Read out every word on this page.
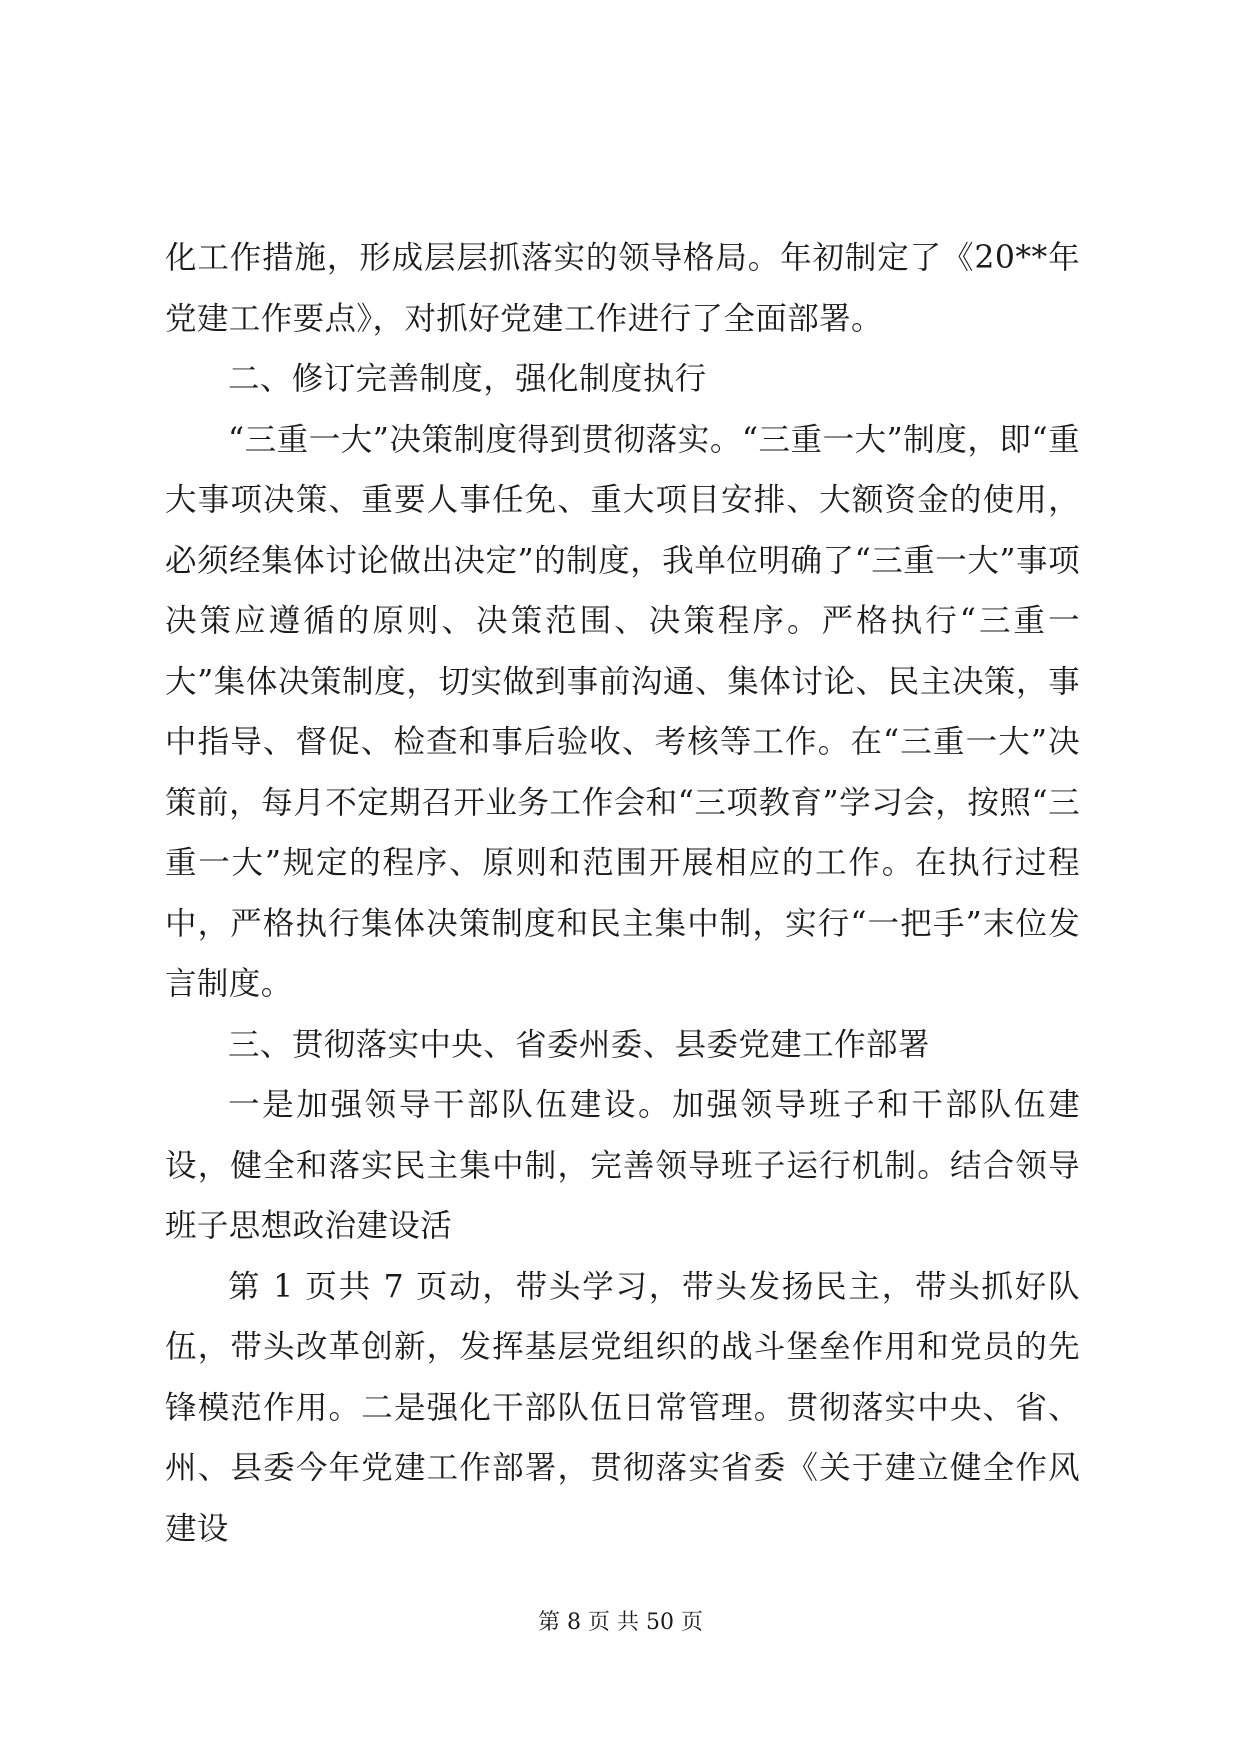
化工作措施，形成层层抓落实的领导格局。年初制定了《20**年党建工作要点》，对抓好党建工作进行了全面部署。

二、修订完善制度，强化制度执行

“三重一大”决策制度得到贯彻落实。“三重一大”制度，即“重大事项决策、重要人事任免、重大项目安排、大额资金的使用，必须经集体讨论做出决定”的制度，我单位明确了“三重一大”事项决策应遵循的原则、决策范围、决策程序。严格执行“三重一大”集体决策制度，切实做到事前沟通、集体讨论、民主决策，事中指导、督促、检查和事后验收、考核等工作。在“三重一大”决策前，每月不定期召开业务工作会和“三项教育”学习会，按照“三重一大”规定的程序、原则和范围开展相应的工作。在执行过程中，严格执行集体决策制度和民主集中制，实行“一把手”末位发言制度。

三、贯彻落实中央、省委州委、县委党建工作部署

一是加强领导干部队伍建设。加强领导班子和干部队伍建设，健全和落实民主集中制，完善领导班子运行机制。结合领导班子思想政治建设活

第 1 页共 7 页动，带头学习，带头发扬民主，带头抓好队伍，带头改革创新，发挥基层党组织的战斗堡垒作用和党员的先锋模范作用。二是强化干部队伍日常管理。贯彻落实中央、省、州、县委今年党建工作部署，贯彻落实省委《关于建立健全作风建设

第 8 页 共 50 页
